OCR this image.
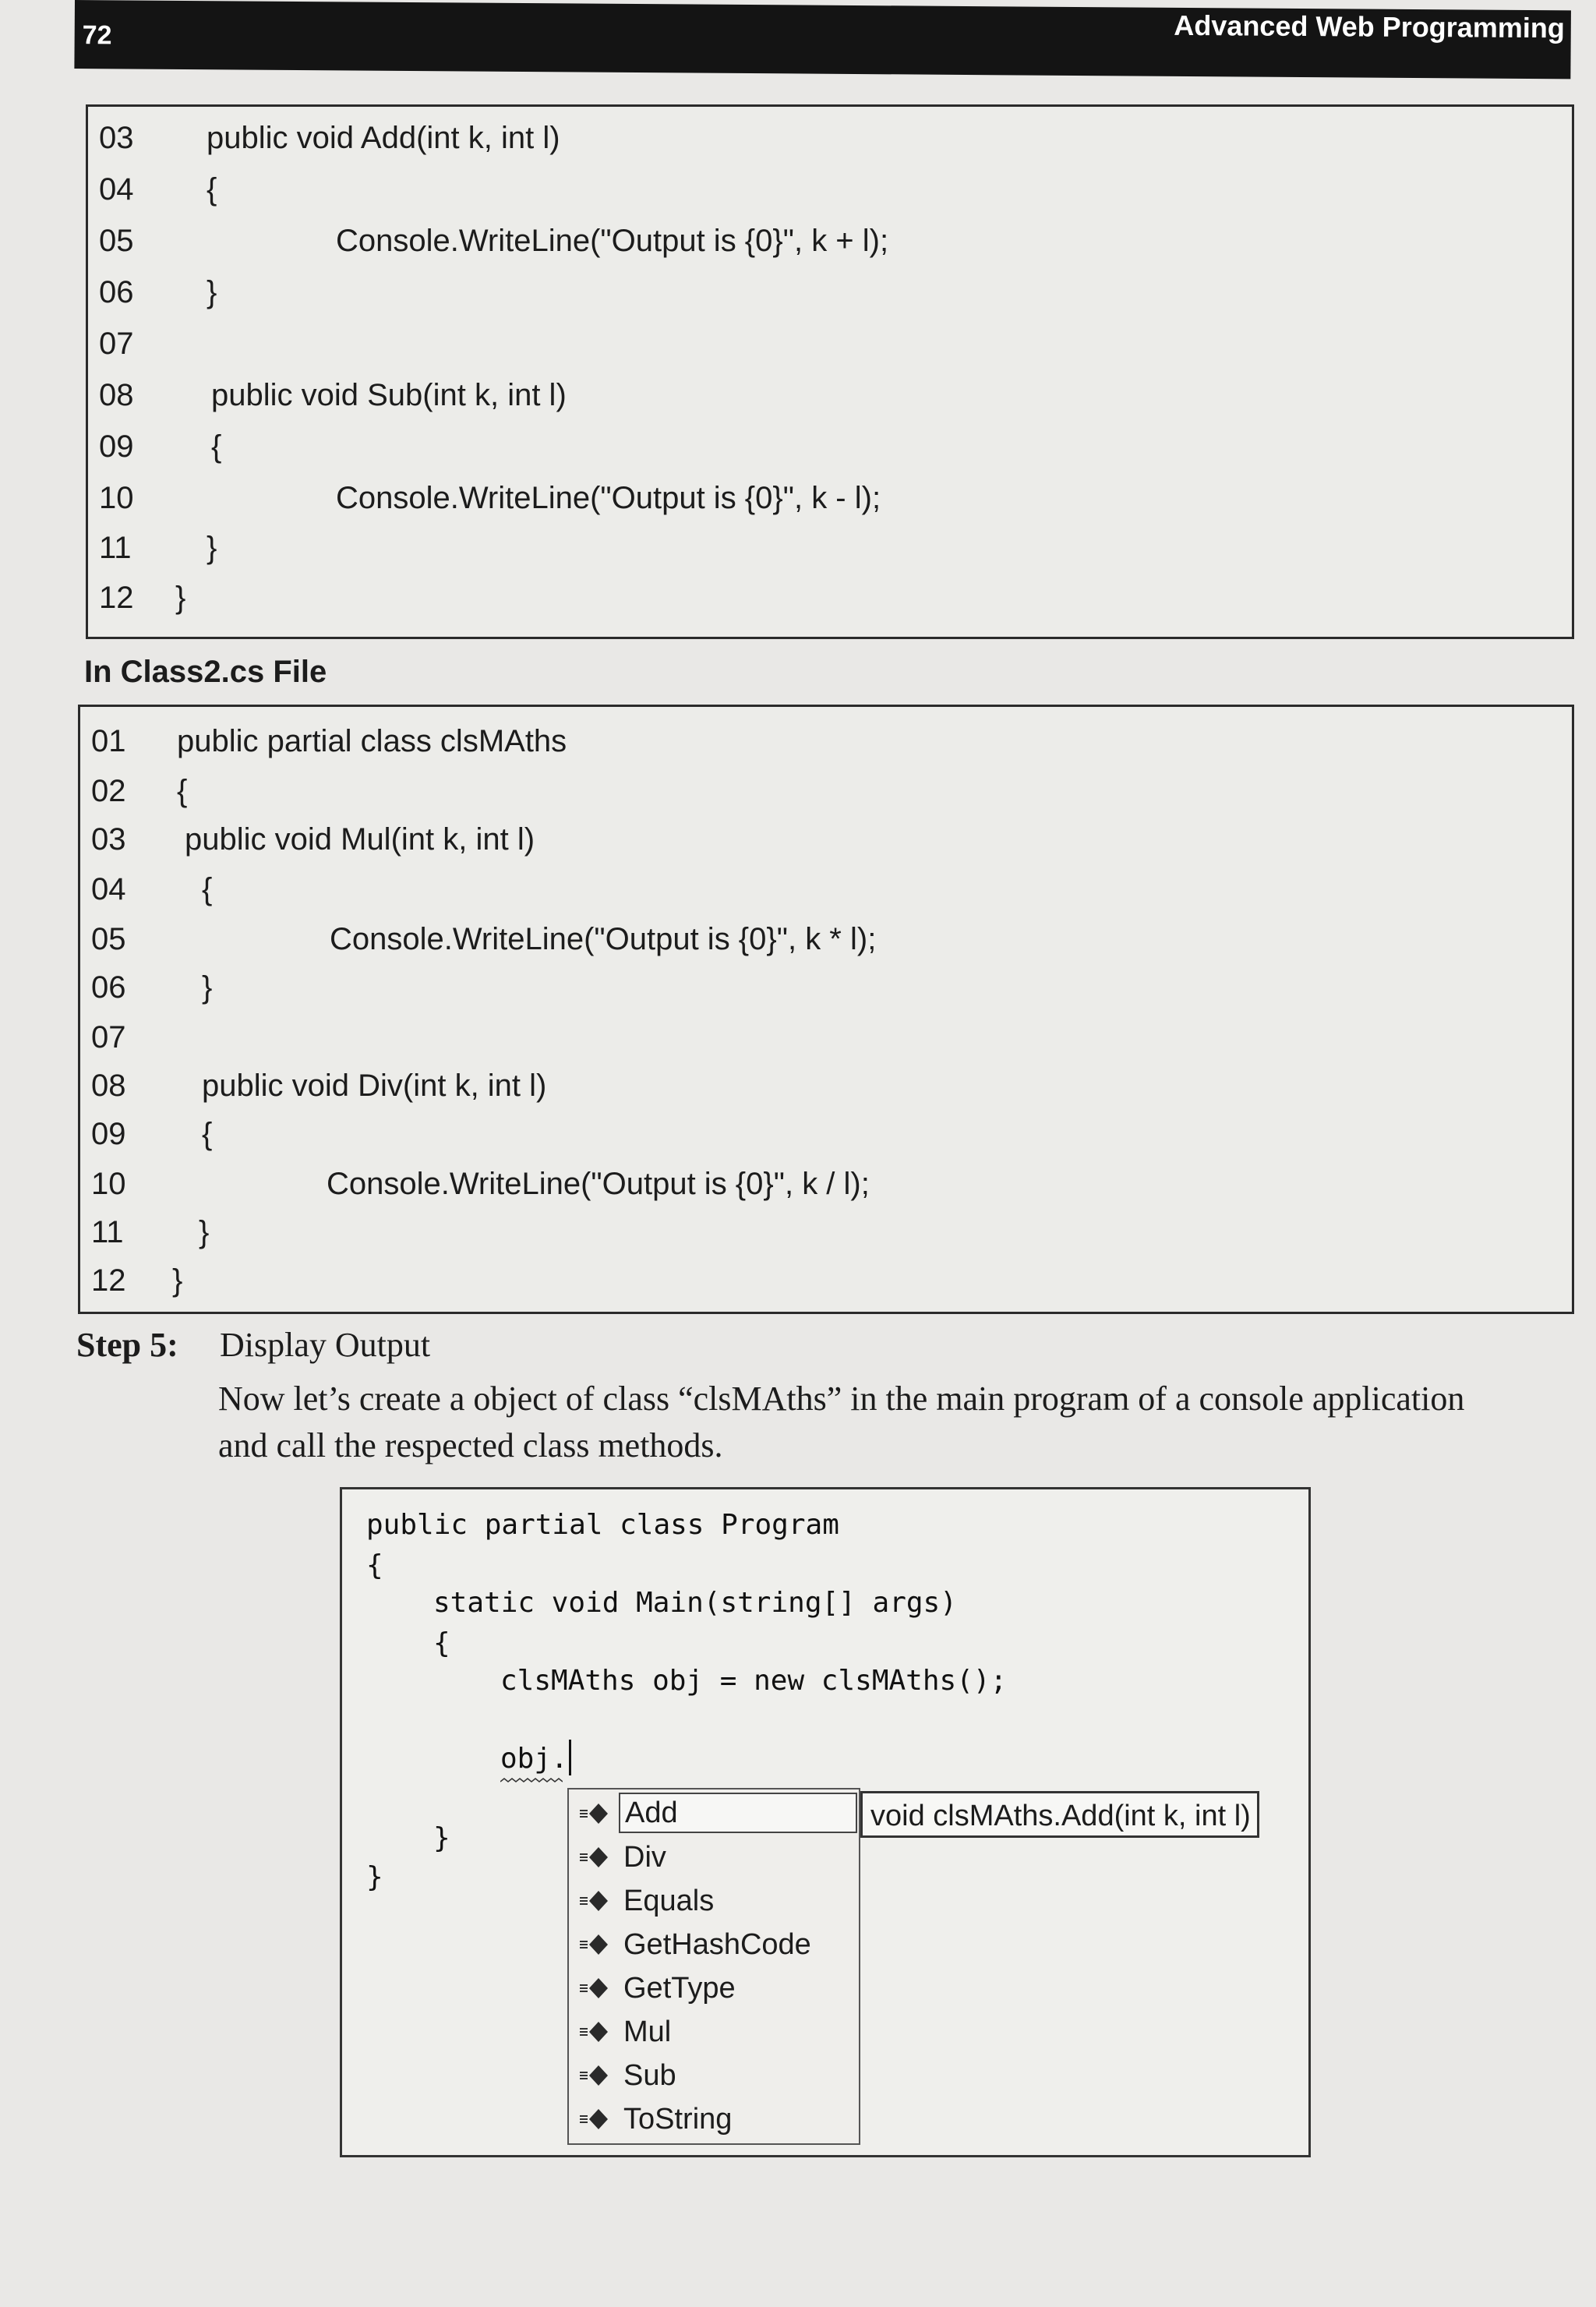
72	Advanced Web Programming
03 public void Add(int k, int l)
04 {
05	Console.WriteLine("Output is {0}", k + l);
06 }
07
08 public void Sub(int k, int l)
09 {
10	Console.WriteLine("Output is {0}", k - l);
11 }
12 }
In Class2.cs File
01 public partial class clsMAths
02 {
03 public void Mul(int k, int l)
04 {
05	Console.WriteLine("Output is {0}", k * l);
06 }
07
08 public void Div(int k, int l)
09 {
10	Console.WriteLine("Output is {0}", k / l);
11 }
12 }
Step 5: Display Output
Now let’s create a object of class “clsMAths” in the main program of a console application
and call the respected class methods.
public partial class Program
{
static void Main(string[] args)
{
clsMAths obj = new clsMAths();
obj.
}
}
Add
Div
Equals
GetHashCode
GetType
Mul
Sub
ToString
void clsMAths.Add(int k, int l)
